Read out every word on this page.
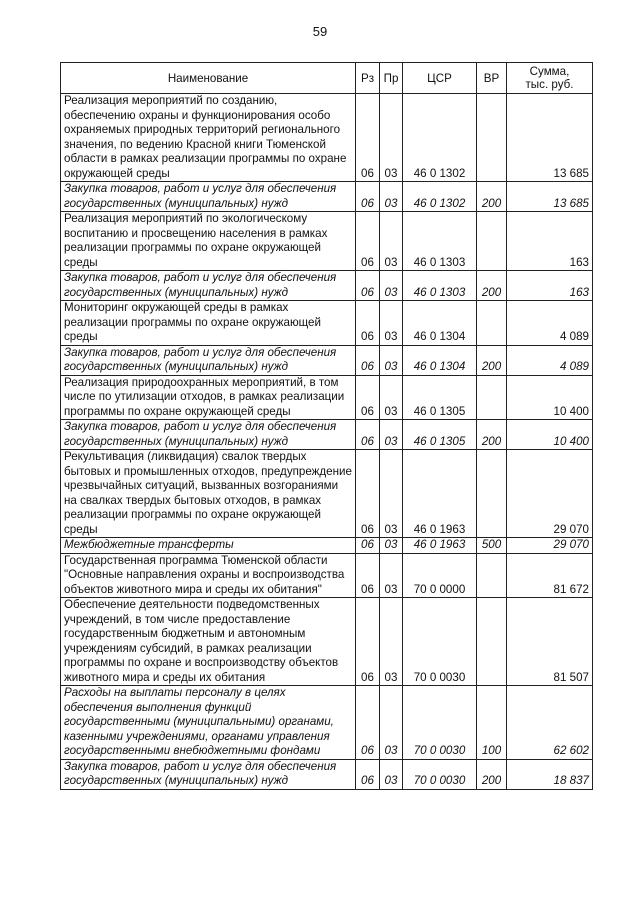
59
Наименование	Рз	Пр	ЦСР	ВР	Сумма,
тыс. руб.
Реализация мероприятий по созданию, обеспечению охраны и функционирования особо охраняемых природных территорий регионального значения, по ведению Красной книги Тюменской области в рамках реализации программы по охране окружающей среды	06	03	46 0 1302		13 685
Закупка товаров, работ и услуг для обеспечения государственных (муниципальных) нужд	06	03	46 0 1302	200	13 685
Реализация мероприятий по экологическому воспитанию и просвещению населения в рамках реализации программы по охране окружающей среды	06	03	46 0 1303		163
Закупка товаров, работ и услуг для обеспечения государственных (муниципальных) нужд	06	03	46 0 1303	200	163
Мониторинг окружающей среды в рамках реализации программы по охране окружающей среды	06	03	46 0 1304		4 089
Закупка товаров, работ и услуг для обеспечения государственных (муниципальных) нужд	06	03	46 0 1304	200	4 089
Реализация природоохранных мероприятий, в том числе по утилизации отходов, в рамках реализации программы по охране окружающей среды	06	03	46 0 1305		10 400
Закупка товаров, работ и услуг для обеспечения государственных (муниципальных) нужд	06	03	46 0 1305	200	10 400
Рекультивация (ликвидация) свалок твердых бытовых и промышленных отходов, предупреждение чрезвычайных ситуаций, вызванных возгораниями на свалках твердых бытовых отходов, в рамках реализации программы по охране окружающей среды	06	03	46 0 1963		29 070
Межбюджетные трансферты	06	03	46 0 1963	500	29 070
Государственная программа Тюменской области "Основные направления охраны и воспроизводства объектов животного мира и среды их обитания"	06	03	70 0 0000		81 672
Обеспечение деятельности подведомственных учреждений, в том числе предоставление государственным бюджетным и автономным учреждениям субсидий, в рамках реализации программы по охране и воспроизводству объектов животного мира и среды их обитания	06	03	70 0 0030		81 507
Расходы на выплаты персоналу в целях обеспечения выполнения функций государственными (муниципальными) органами, казенными учреждениями, органами управления государственными внебюджетными фондами	06	03	70 0 0030	100	62 602
Закупка товаров, работ и услуг для обеспечения государственных (муниципальных) нужд	06	03	70 0 0030	200	18 837
